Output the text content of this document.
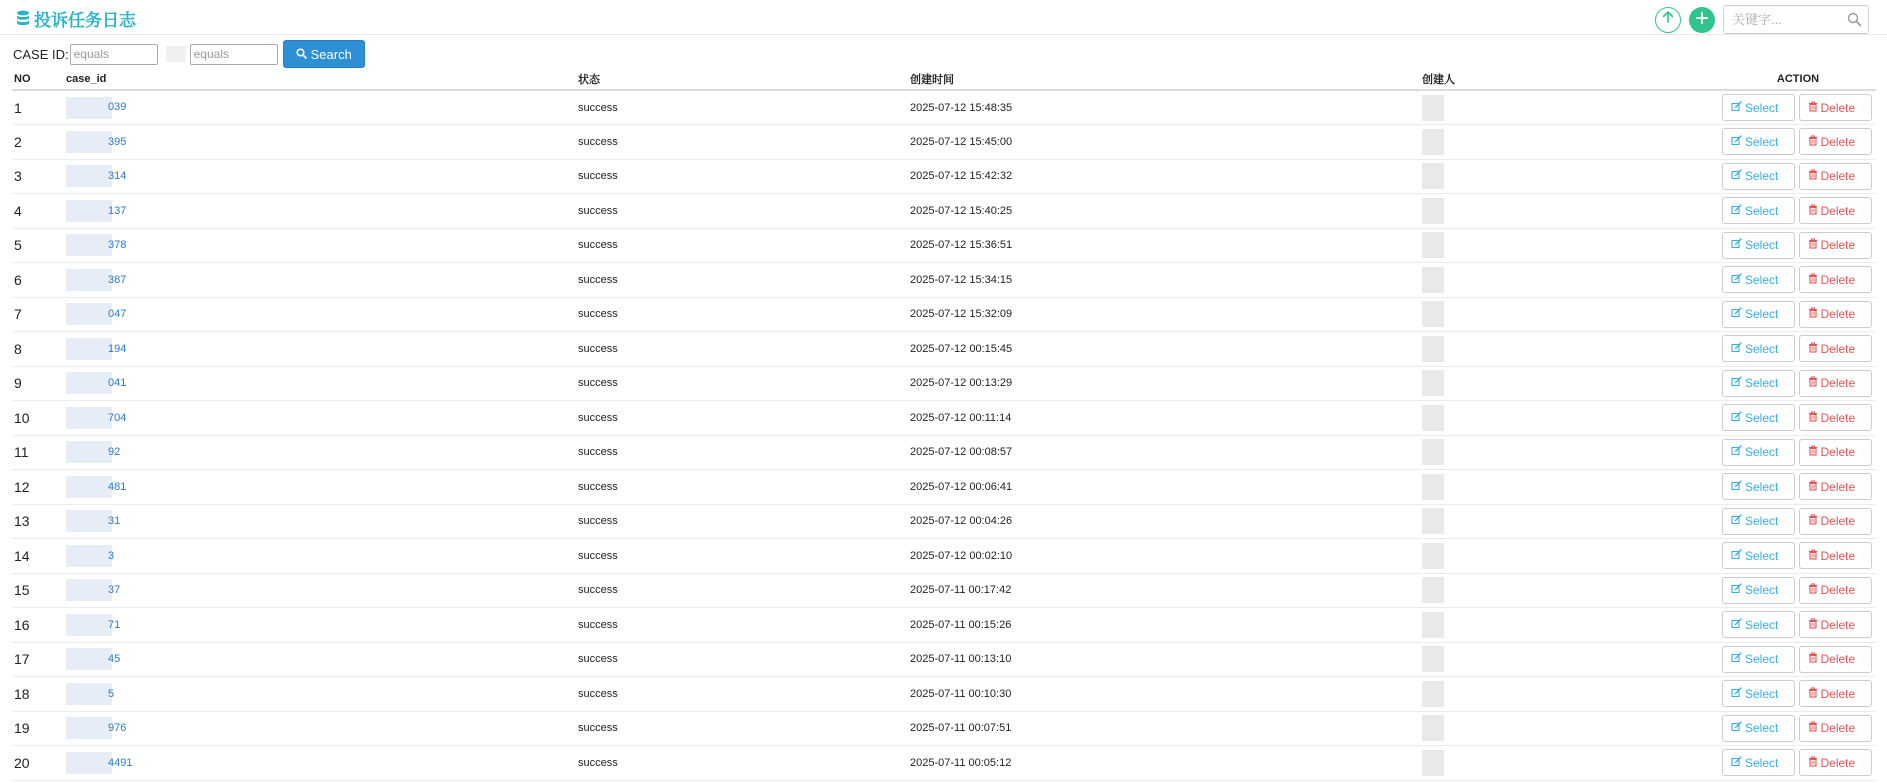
投诉任务日志
关键字...
CASE ID:
equals
equals	Search
NO	case_id	状态	创建时间	创建人	ACTION
1	039	success	2025-07-12 15:48:35		Select Delete

2	395	success	2025-07-12 15:45:00		Select Delete

3	314	success	2025-07-12 15:42:32		Select Delete

4	137	success	2025-07-12 15:40:25		Select Delete

5	378	success	2025-07-12 15:36:51		Select Delete

6	387	success	2025-07-12 15:34:15		Select Delete

7	047	success	2025-07-12 15:32:09		Select Delete

8	194	success	2025-07-12 00:15:45		Select Delete

9	041	success	2025-07-12 00:13:29		Select Delete

10	704	success	2025-07-12 00:11:14		Select Delete

11	92	success	2025-07-12 00:08:57		Select Delete

12	481	success	2025-07-12 00:06:41		Select Delete

13	31	success	2025-07-12 00:04:26		Select Delete

14	3	success	2025-07-12 00:02:10		Select Delete

15	37	success	2025-07-11 00:17:42		Select Delete

16	71	success	2025-07-11 00:15:26		Select Delete

17	45	success	2025-07-11 00:13:10		Select Delete

18	5	success	2025-07-11 00:10:30		Select Delete

19	976	success	2025-07-11 00:07:51		Select Delete

20	4491	success	2025-07-11 00:05:12		Select Delete
